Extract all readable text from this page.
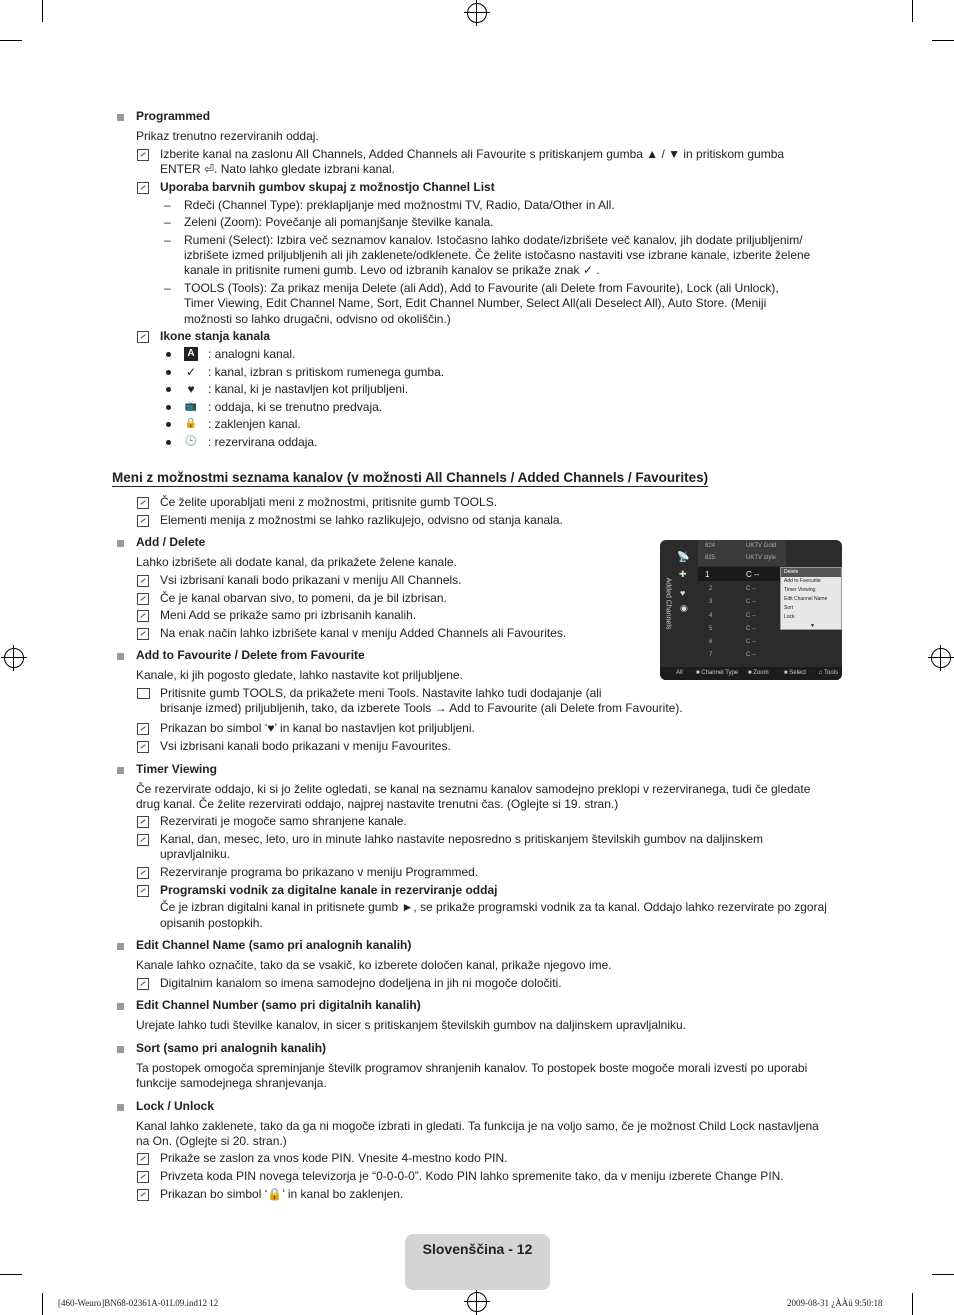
Programmed
Prikaz trenutno rezerviranih oddaj.
Izberite kanal na zaslonu All Channels, Added Channels ali Favourite s pritiskanjem gumba ▲ / ▼ in pritiskom gumba
ENTER ⏎. Nato lahko gledate izbrani kanal.
Uporaba barvnih gumbov skupaj z možnostjo Channel List
– Rdeči (Channel Type): preklapljanje med možnostmi TV, Radio, Data/Other in All.
– Zeleni (Zoom): Povečanje ali pomanjšanje številke kanala.
– Rumeni (Select): Izbira več seznamov kanalov. Istočasno lahko dodate/izbrišete več kanalov, jih dodate priljubljenim/
izbrišete izmed priljubljenih ali jih zaklenete/odklenete. Če želite istočasno nastaviti vse izbrane kanale, izberite želene
kanale in pritisnite rumeni gumb. Levo od izbranih kanalov se prikaže znak ✓ .
– TOOLS (Tools): Za prikaz menija Delete (ali Add), Add to Favourite (ali Delete from Favourite), Lock (ali Unlock),
Timer Viewing, Edit Channel Name, Sort, Edit Channel Number, Select All(ali Deselect All), Auto Store. (Meniji
možnosti so lahko drugačni, odvisno od okoliščin.)
Ikone stanja kanala
A : analogni kanal.
✓ : kanal, izbran s pritiskom rumenega gumba.
♥ : kanal, ki je nastavljen kot priljubljeni.
📺 : oddaja, ki se trenutno predvaja.
🔒 : zaklenjen kanal.
🕒 : rezervirana oddaja.
Meni z možnostmi seznama kanalov (v možnosti All Channels / Added Channels / Favourites)
Če želite uporabljati meni z možnostmi, pritisnite gumb TOOLS.
Elementi menija z možnostmi se lahko razlikujejo, odvisno od stanja kanala.
Add / Delete
Lahko izbrišete ali dodate kanal, da prikažete želene kanale.
Vsi izbrisani kanali bodo prikazani v meniju All Channels.
Če je kanal obarvan sivo, to pomeni, da je bil izbrisan.
Meni Add se prikaže samo pri izbrisanih kanalih.
Na enak način lahko izbrišete kanal v meniju Added Channels ali Favourites.
Added Channels
📡
✚
♥
◉
824	UKTV Gold
825	UKTV style
1	C --
2	C --
3	C --
4	C --
5	C --
6	C --
7	C --
Delete
Add to Favourite
Timer Viewing
Edit Channel Name
Sort
Lock
▼
All ■ Channel Type ■ Zoom	■ Select ♫ Tools
Add to Favourite / Delete from Favourite
Kanale, ki jih pogosto gledate, lahko nastavite kot priljubljene.
Pritisnite gumb TOOLS, da prikažete meni Tools. Nastavite lahko tudi dodajanje (ali
brisanje izmed) priljubljenih, tako, da izberete Tools → Add to Favourite (ali Delete from Favourite).
Prikazan bo simbol ‘♥’ in kanal bo nastavljen kot priljubljeni.
Vsi izbrisani kanali bodo prikazani v meniju Favourites.
Timer Viewing
Če rezervirate oddajo, ki si jo želite ogledati, se kanal na seznamu kanalov samodejno preklopi v rezerviranega, tudi če gledate
drug kanal. Če želite rezervirati oddajo, najprej nastavite trenutni čas. (Oglejte si 19. stran.)
Rezervirati je mogoče samo shranjene kanale.
Kanal, dan, mesec, leto, uro in minute lahko nastavite neposredno s pritiskanjem številskih gumbov na daljinskem
upravljalniku.
Rezerviranje programa bo prikazano v meniju Programmed.
Programski vodnik za digitalne kanale in rezerviranje oddaj
Če je izbran digitalni kanal in pritisnete gumb ►, se prikaže programski vodnik za ta kanal. Oddajo lahko rezervirate po zgoraj
opisanih postopkih.
Edit Channel Name (samo pri analognih kanalih)
Kanale lahko označite, tako da se vsakič, ko izberete določen kanal, prikaže njegovo ime.
Digitalnim kanalom so imena samodejno dodeljena in jih ni mogoče določiti.
Edit Channel Number (samo pri digitalnih kanalih)
Urejate lahko tudi številke kanalov, in sicer s pritiskanjem številskih gumbov na daljinskem upravljalniku.
Sort (samo pri analognih kanalih)
Ta postopek omogoča spreminjanje številk programov shranjenih kanalov. To postopek boste mogoče morali izvesti po uporabi
funkcije samodejnega shranjevanja.
Lock / Unlock
Kanal lahko zaklenete, tako da ga ni mogoče izbrati in gledati. Ta funkcija je na voljo samo, če je možnost Child Lock nastavljena
na On. (Oglejte si 20. stran.)
Prikaže se zaslon za vnos kode PIN. Vnesite 4-mestno kodo PIN.
Privzeta koda PIN novega televizorja je “0-0-0-0”. Kodo PIN lahko spremenite tako, da v meniju izberete Change PIN.
Prikazan bo simbol ‘🔒’ in kanal bo zaklenjen.
Slovenščina - 12
[460-Weuro]BN68-02361A-01L09.ind12 12	2009-08-31 ¿ÀÀü 9:50:18
